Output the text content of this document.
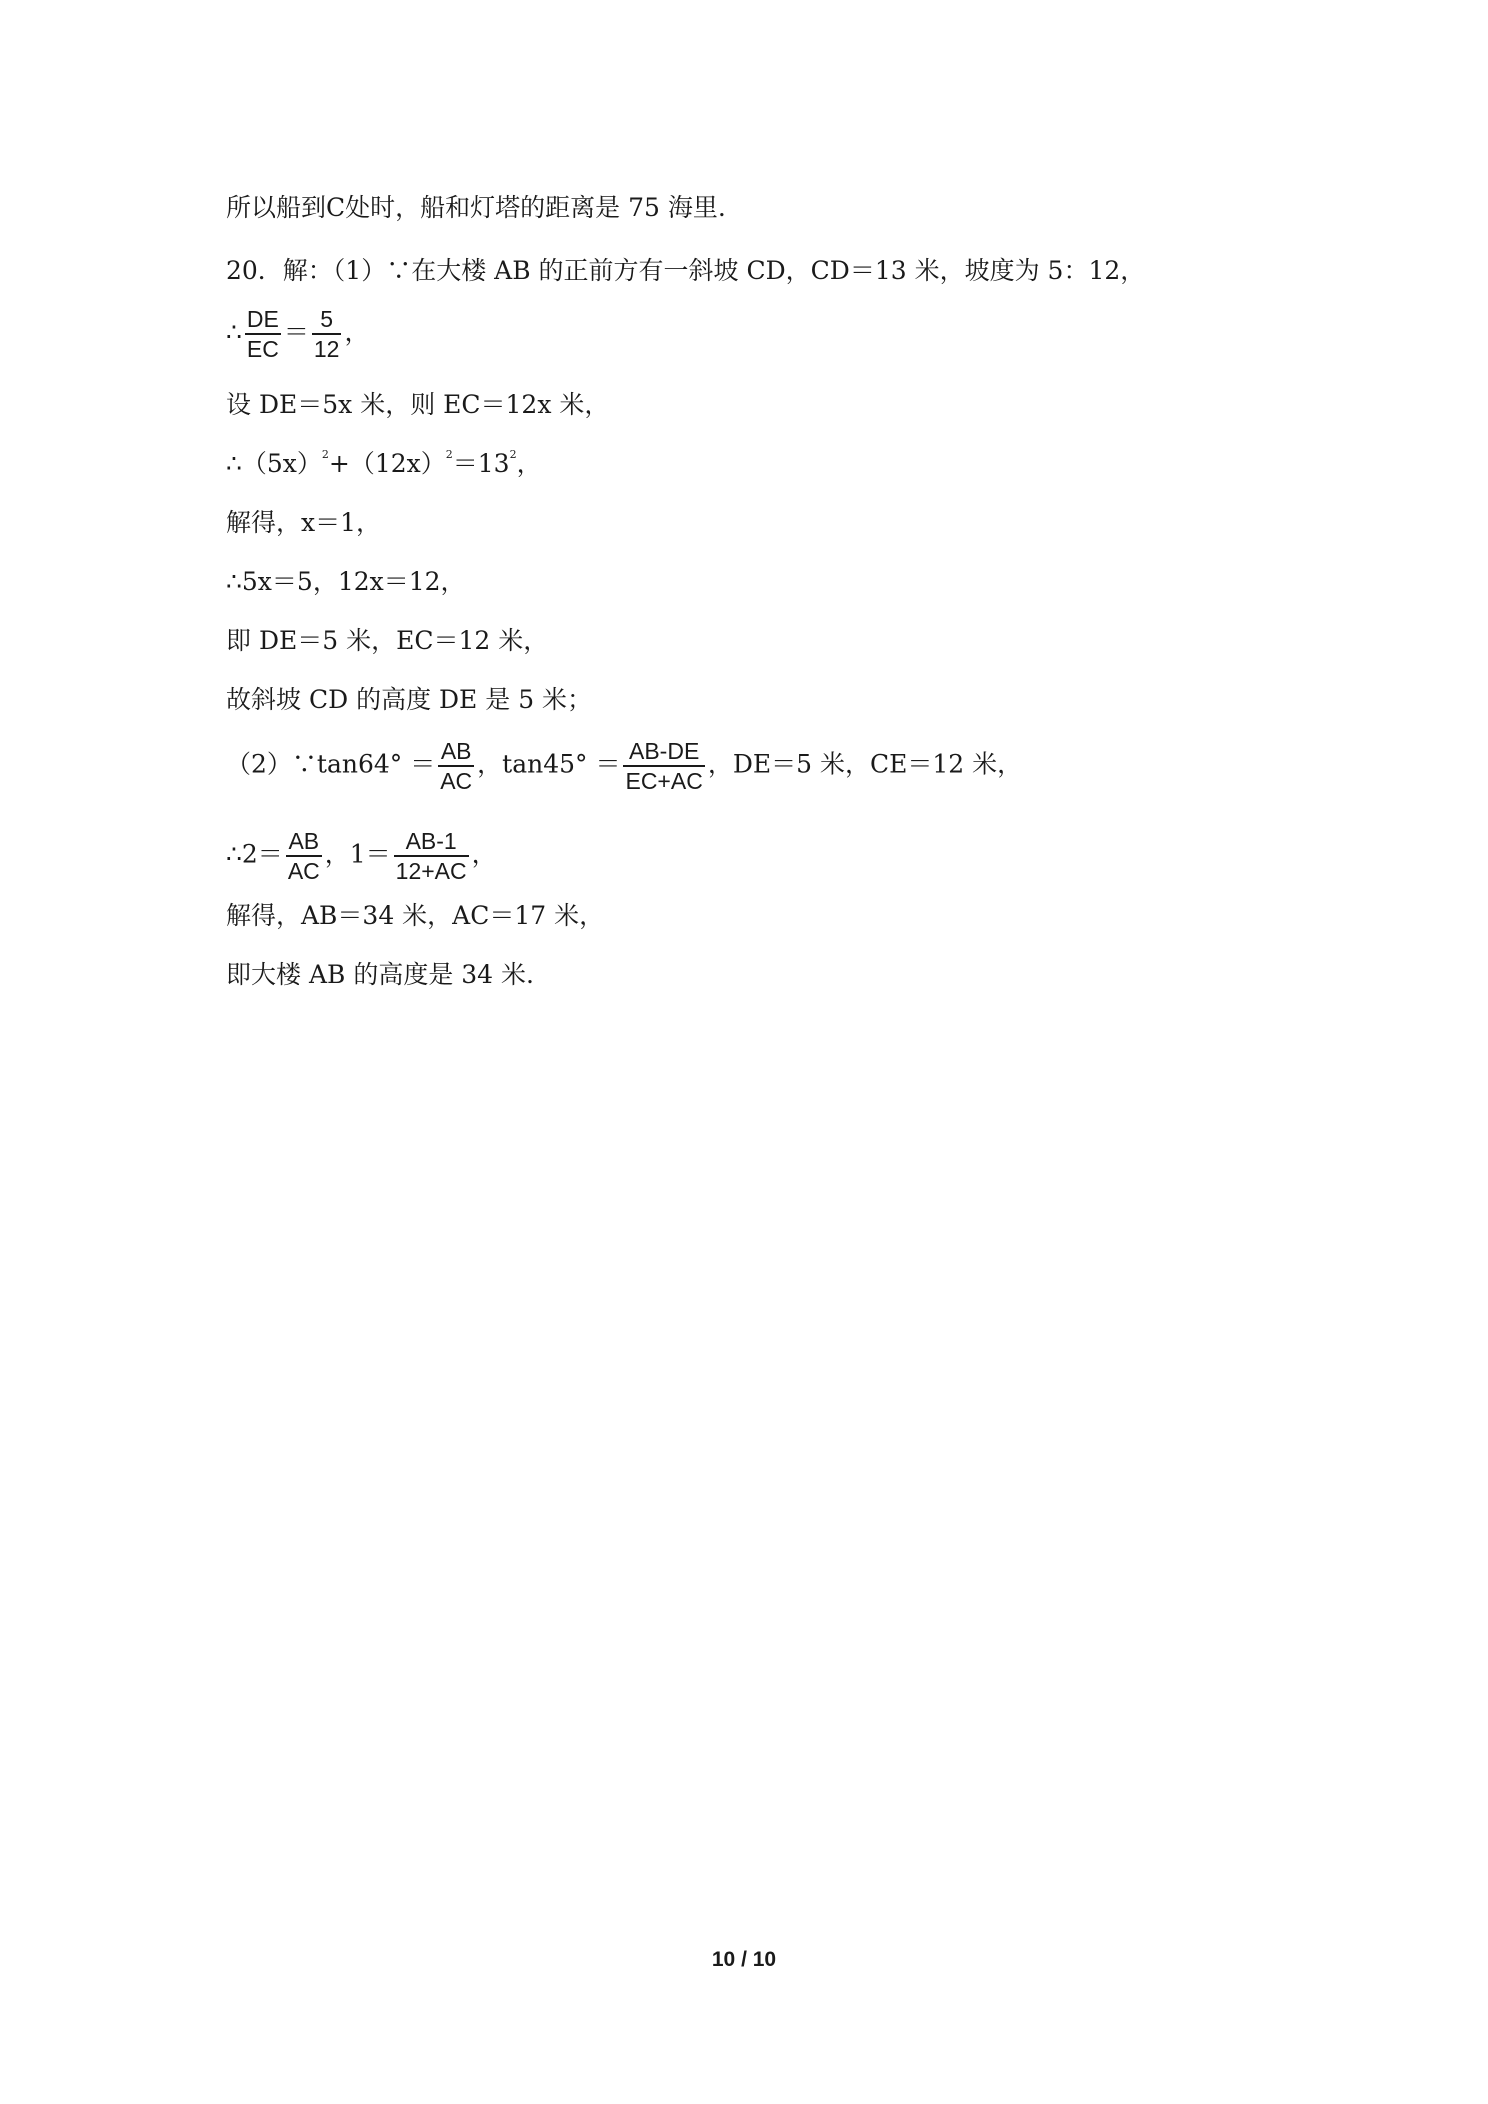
所以船到C处时，船和灯塔的距离是 75 海里.
20．解：（1）∵在大楼 AB 的正前方有一斜坡 CD，CD＝13 米，坡度为 5：12，
∴ $\frac{DE}{EC} = \frac{5}{12}$ ，
设 DE＝5x 米，则 EC＝12x 米，
$\therefore(5x)^2+(12x)^2=13^2$，
解得，x＝1，
∴5x＝5，12x＝12，
即 DE＝5 米，EC＝12 米，
故斜坡 CD 的高度 DE 是 5 米；
（2）∵tan64° ＝ $\frac{AB}{AC}$ ，$\tan 45^\circ = \frac{AB-DE}{EC+AC}$ ，DE＝5 米，CE＝12 米，
∴2＝ $\frac{AB}{AC}$ ，$1= \frac{AB-1}{12+AC}$ ，
解得，AB＝34 米，AC＝17 米，
即大楼 AB 的高度是 34 米.
10 / 10
